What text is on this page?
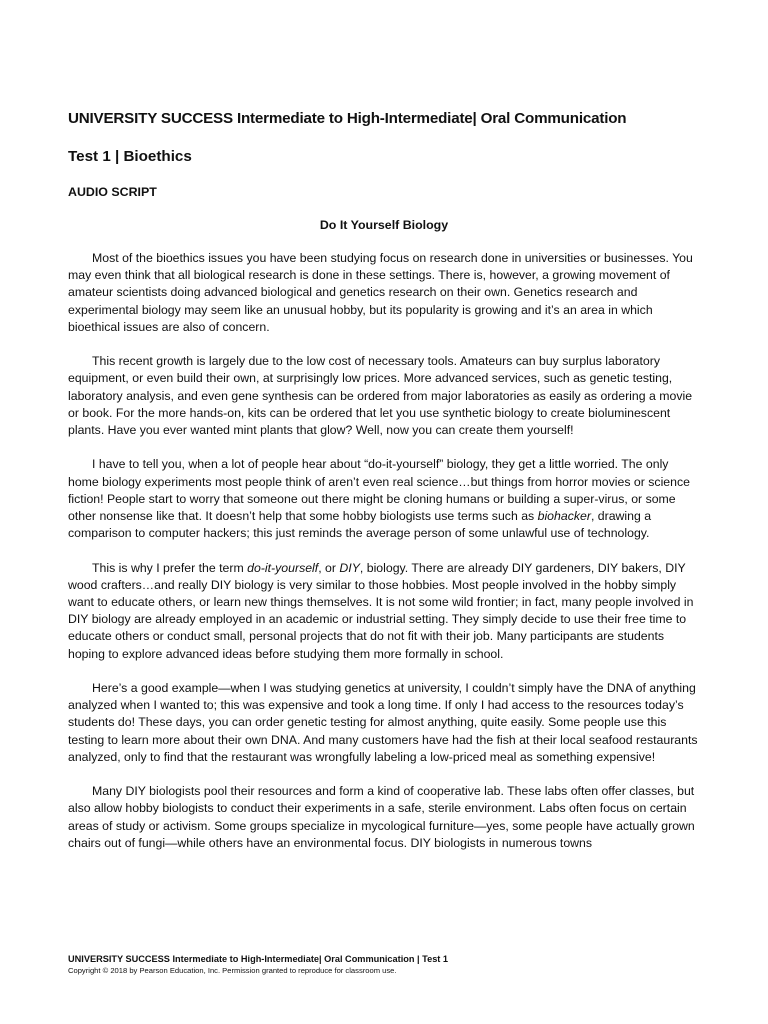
UNIVERSITY SUCCESS Intermediate to High-Intermediate| Oral Communication
Test 1 | Bioethics
AUDIO SCRIPT
Do It Yourself Biology

Most of the bioethics issues you have been studying focus on research done in universities or businesses. You may even think that all biological research is done in these settings. There is, however, a growing movement of amateur scientists doing advanced biological and genetics research on their own. Genetics research and experimental biology may seem like an unusual hobby, but its popularity is growing and it’s an area in which bioethical issues are also of concern.

This recent growth is largely due to the low cost of necessary tools. Amateurs can buy surplus laboratory equipment, or even build their own, at surprisingly low prices. More advanced services, such as genetic testing, laboratory analysis, and even gene synthesis can be ordered from major laboratories as easily as ordering a movie or book. For the more hands-on, kits can be ordered that let you use synthetic biology to create bioluminescent plants. Have you ever wanted mint plants that glow? Well, now you can create them yourself!

I have to tell you, when a lot of people hear about “do-it-yourself” biology, they get a little worried. The only home biology experiments most people think of aren’t even real science…but things from horror movies or science fiction! People start to worry that someone out there might be cloning humans or building a super-virus, or some other nonsense like that. It doesn’t help that some hobby biologists use terms such as biohacker, drawing a comparison to computer hackers; this just reminds the average person of some unlawful use of technology.

This is why I prefer the term do-it-yourself, or DIY, biology. There are already DIY gardeners, DIY bakers, DIY wood crafters…and really DIY biology is very similar to those hobbies. Most people involved in the hobby simply want to educate others, or learn new things themselves. It is not some wild frontier; in fact, many people involved in DIY biology are already employed in an academic or industrial setting. They simply decide to use their free time to educate others or conduct small, personal projects that do not fit with their job. Many participants are students hoping to explore advanced ideas before studying them more formally in school.

Here’s a good example—when I was studying genetics at university, I couldn’t simply have the DNA of anything analyzed when I wanted to; this was expensive and took a long time. If only I had access to the resources today’s students do! These days, you can order genetic testing for almost anything, quite easily. Some people use this testing to learn more about their own DNA. And many customers have had the fish at their local seafood restaurants analyzed, only to find that the restaurant was wrongfully labeling a low-priced meal as something expensive!

Many DIY biologists pool their resources and form a kind of cooperative lab. These labs often offer classes, but also allow hobby biologists to conduct their experiments in a safe, sterile environment. Labs often focus on certain areas of study or activism. Some groups specialize in mycological furniture—yes, some people have actually grown chairs out of fungi—while others have an environmental focus. DIY biologists in numerous towns

UNIVERSITY SUCCESS Intermediate to High-Intermediate| Oral Communication | Test 1
Copyright © 2018 by Pearson Education, Inc. Permission granted to reproduce for classroom use.
